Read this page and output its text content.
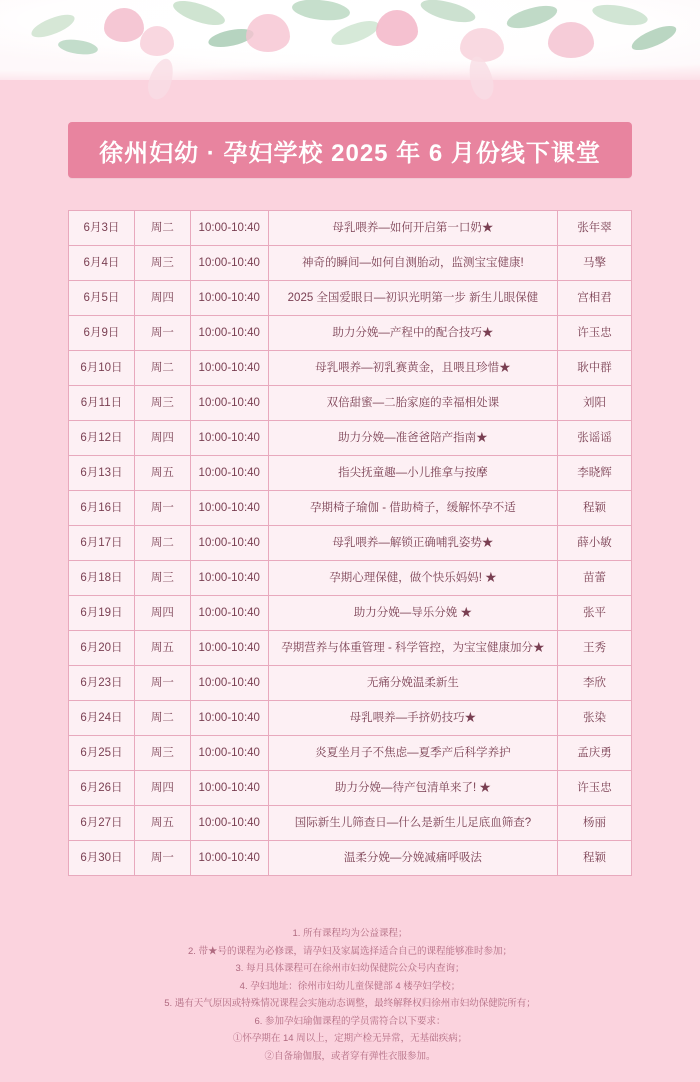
徐州妇幼 · 孕妇学校 2025 年 6 月份线下课堂
6月3日	周二	10:00-10:40	母乳喂养—如何开启第一口奶★	张年翠
6月4日	周三	10:00-10:40	神奇的瞬间—如何自测胎动，监测宝宝健康!	马擎
6月5日	周四	10:00-10:40	2025 全国爱眼日—初识光明第一步 新生儿眼保健	宫相君
6月9日	周一	10:00-10:40	助力分娩—产程中的配合技巧★	许玉忠
6月10日	周二	10:00-10:40	母乳喂养—初乳赛黄金，且喂且珍惜★	耿中群
6月11日	周三	10:00-10:40	双倍甜蜜—二胎家庭的幸福相处课	刘阳
6月12日	周四	10:00-10:40	助力分娩—准爸爸陪产指南★	张谣谣
6月13日	周五	10:00-10:40	指尖抚童趣—小儿推拿与按摩	李晓辉
6月16日	周一	10:00-10:40	孕期椅子瑜伽 - 借助椅子，缓解怀孕不适	程颖
6月17日	周二	10:00-10:40	母乳喂养—解锁正确哺乳姿势★	薛小敏
6月18日	周三	10:00-10:40	孕期心理保健，做个快乐妈妈! ★	苗蕾
6月19日	周四	10:00-10:40	助力分娩—导乐分娩 ★	张平
6月20日	周五	10:00-10:40	孕期营养与体重管理 - 科学管控，为宝宝健康加分★	王秀
6月23日	周一	10:00-10:40	无痛分娩温柔新生	李欣
6月24日	周二	10:00-10:40	母乳喂养—手挤奶技巧★	张染
6月25日	周三	10:00-10:40	炎夏坐月子不焦虑—夏季产后科学养护	孟庆勇
6月26日	周四	10:00-10:40	助力分娩—待产包清单来了! ★	许玉忠
6月27日	周五	10:00-10:40	国际新生儿筛查日—什么是新生儿足底血筛查?	杨丽
6月30日	周一	10:00-10:40	温柔分娩—分娩减痛呼吸法	程颖
1. 所有课程均为公益课程；
2. 带★号的课程为必修课，请孕妇及家属选择适合自己的课程能够准时参加；
3. 每月具体课程可在徐州市妇幼保健院公众号内查询；
4. 孕妇地址：徐州市妇幼儿童保健部 4 楼孕妇学校；
5. 遇有天气原因或特殊情况课程会实施动态调整，最终解释权归徐州市妇幼保健院所有；
6. 参加孕妇瑜伽课程的学员需符合以下要求：
①怀孕期在 14 周以上，定期产检无异常，无基础疾病；
②自备瑜伽服，或者穿有弹性衣服参加。
